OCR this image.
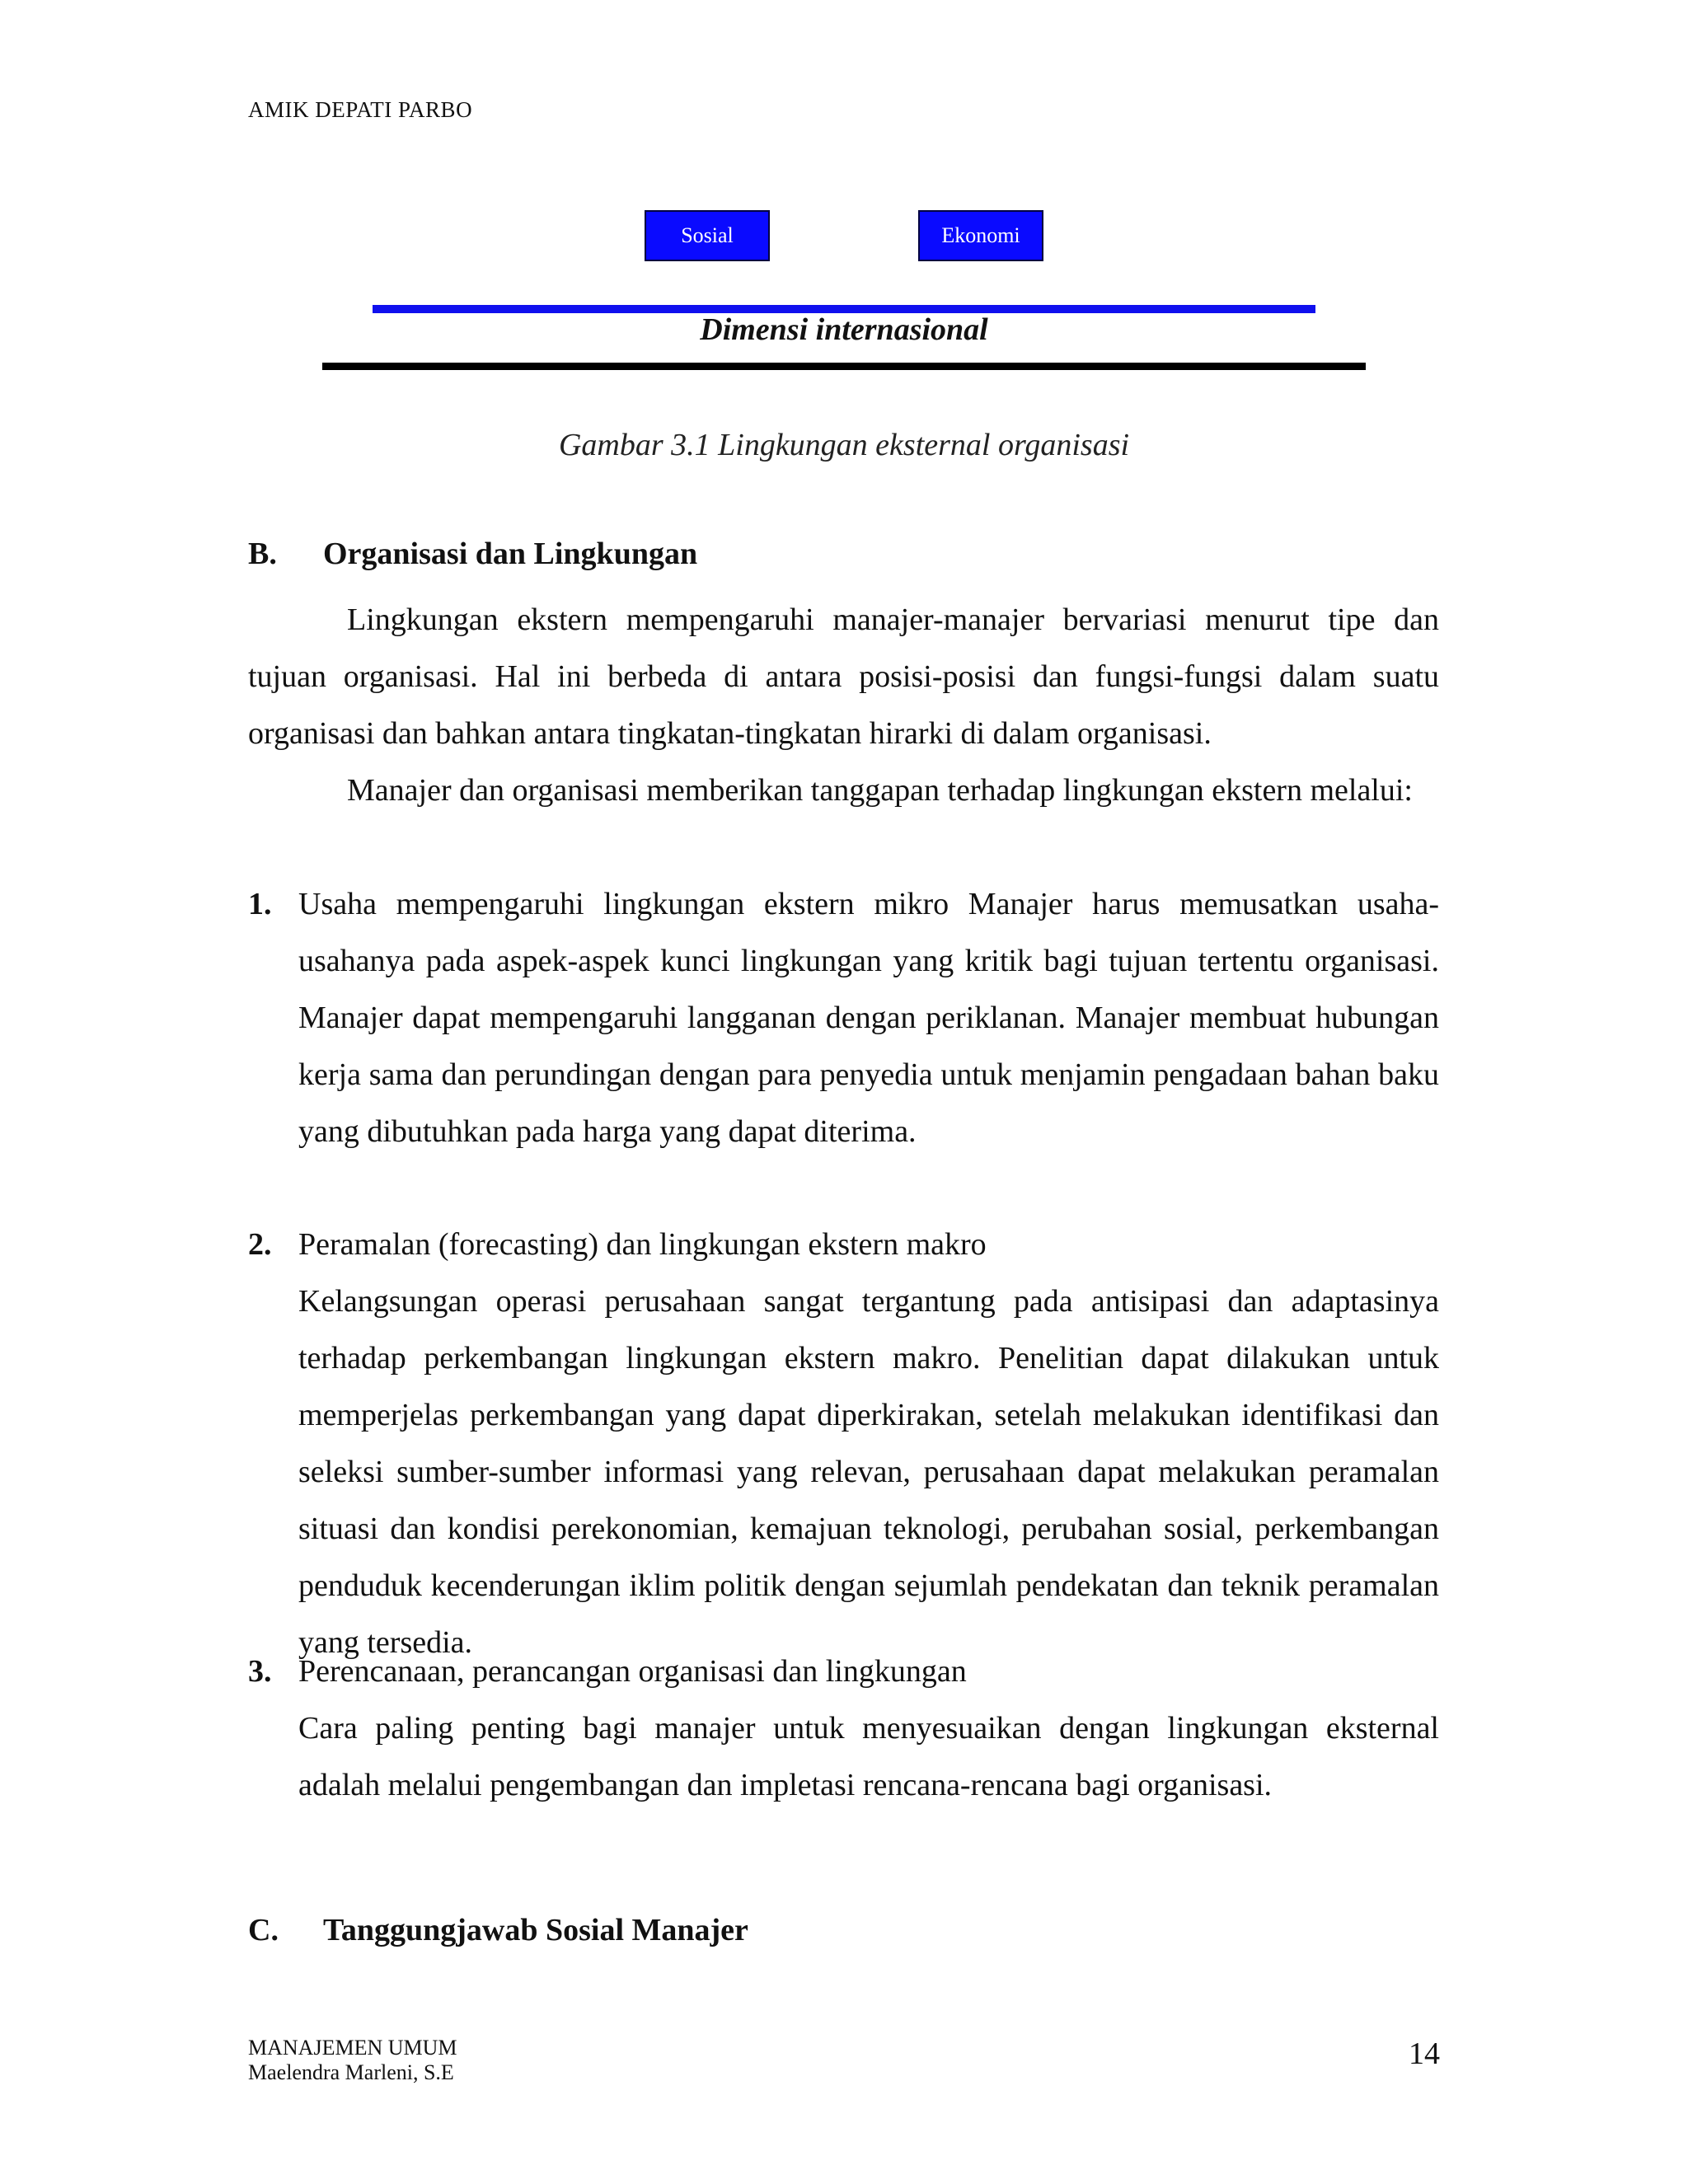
AMIK DEPATI PARBO
Sosial	Ekonomi
Dimensi internasional
Gambar 3.1 Lingkungan eksternal organisasi
B. Organisasi dan Lingkungan
Lingkungan ekstern mempengaruhi manajer-manajer bervariasi menurut tipe dan tujuan organisasi. Hal ini berbeda di antara posisi-posisi dan fungsi-fungsi dalam suatu organisasi dan bahkan antara tingkatan-tingkatan hirarki di dalam organisasi.
Manajer dan organisasi memberikan tanggapan terhadap lingkungan ekstern melalui:
1. Usaha mempengaruhi lingkungan ekstern mikro Manajer harus memusatkan usaha-usahanya pada aspek-aspek kunci lingkungan yang kritik bagi tujuan tertentu organisasi. Manajer dapat mempengaruhi langganan dengan periklanan. Manajer membuat hubungan kerja sama dan perundingan dengan para penyedia untuk menjamin pengadaan bahan baku yang dibutuhkan pada harga yang dapat diterima.
2. Peramalan (forecasting) dan lingkungan ekstern makro
Kelangsungan operasi perusahaan sangat tergantung pada antisipasi dan adaptasinya terhadap perkembangan lingkungan ekstern makro. Penelitian dapat dilakukan untuk memperjelas perkembangan yang dapat diperkirakan, setelah melakukan identifikasi dan seleksi sumber-sumber informasi yang relevan, perusahaan dapat melakukan peramalan situasi dan kondisi perekonomian, kemajuan teknologi, perubahan sosial, perkembangan penduduk kecenderungan iklim politik dengan sejumlah pendekatan dan teknik peramalan yang tersedia.
3. Perencanaan, perancangan organisasi dan lingkungan
Cara paling penting bagi manajer untuk menyesuaikan dengan lingkungan eksternal adalah melalui pengembangan dan impletasi rencana-rencana bagi organisasi.
C. Tanggungjawab Sosial Manajer
MANAJEMEN UMUM
Maelendra Marleni, S.E
14
